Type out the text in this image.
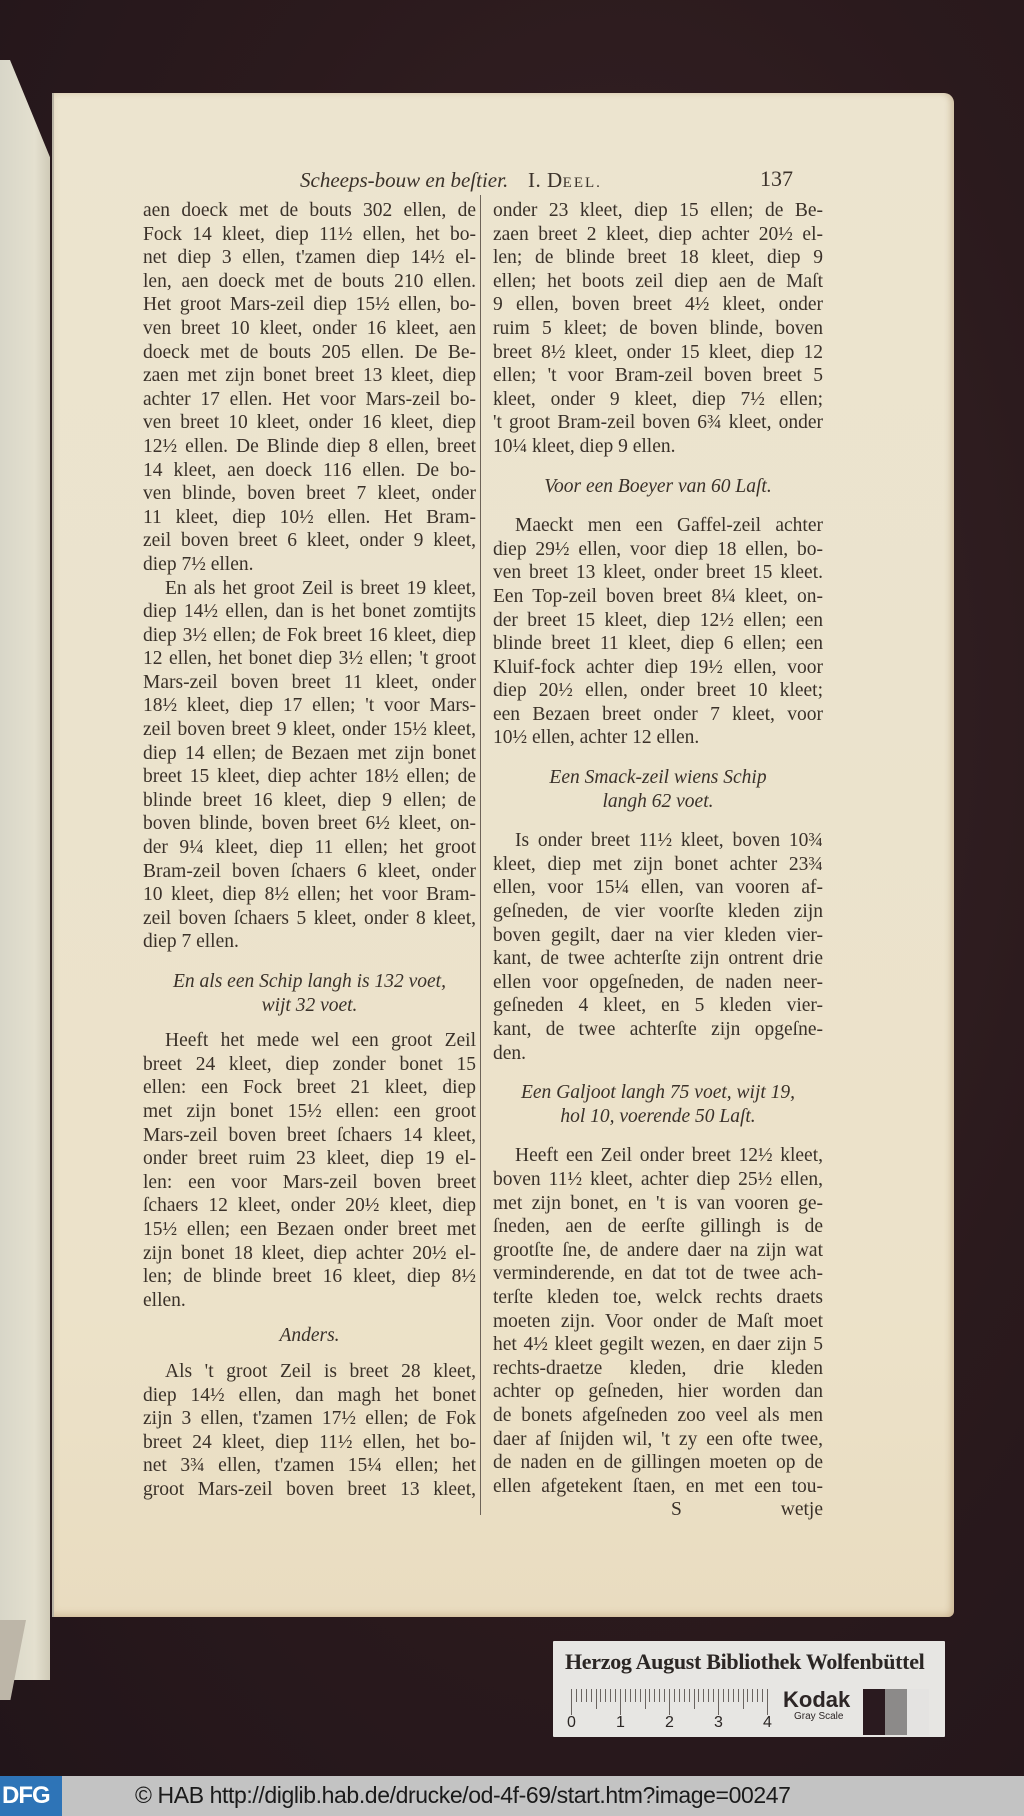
Scheeps-bouw en beſtier. I. DEEL.	137
aen doeck met de bouts 302 ellen, de
Fock 14 kleet, diep 11½ ellen, het bo-
net diep 3 ellen, t'zamen diep 14½ el-
len, aen doeck met de bouts 210 ellen.
Het groot Mars-zeil diep 15½ ellen, bo-
ven breet 10 kleet, onder 16 kleet, aen
doeck met de bouts 205 ellen. De Be-
zaen met zijn bonet breet 13 kleet, diep
achter 17 ellen. Het voor Mars-zeil bo-
ven breet 10 kleet, onder 16 kleet, diep
12½ ellen. De Blinde diep 8 ellen, breet
14 kleet, aen doeck 116 ellen. De bo-
ven blinde, boven breet 7 kleet, onder
11 kleet, diep 10½ ellen. Het Bram-
zeil boven breet 6 kleet, onder 9 kleet,
diep 7½ ellen.
En als het groot Zeil is breet 19 kleet,
diep 14½ ellen, dan is het bonet zomtijts
diep 3½ ellen; de Fok breet 16 kleet, diep
12 ellen, het bonet diep 3½ ellen; 't groot
Mars-zeil boven breet 11 kleet, onder
18½ kleet, diep 17 ellen; 't voor Mars-
zeil boven breet 9 kleet, onder 15½ kleet,
diep 14 ellen; de Bezaen met zijn bonet
breet 15 kleet, diep achter 18½ ellen; de
blinde breet 16 kleet, diep 9 ellen; de
boven blinde, boven breet 6½ kleet, on-
der 9¼ kleet, diep 11 ellen; het groot
Bram-zeil boven ſchaers 6 kleet, onder
10 kleet, diep 8½ ellen; het voor Bram-
zeil boven ſchaers 5 kleet, onder 8 kleet,
diep 7 ellen.
En als een Schip langh is 132 voet,
wijt 32 voet.
Heeft het mede wel een groot Zeil
breet 24 kleet, diep zonder bonet 15
ellen: een Fock breet 21 kleet, diep
met zijn bonet 15½ ellen: een groot
Mars-zeil boven breet ſchaers 14 kleet,
onder breet ruim 23 kleet, diep 19 el-
len: een voor Mars-zeil boven breet
ſchaers 12 kleet, onder 20½ kleet, diep
15½ ellen; een Bezaen onder breet met
zijn bonet 18 kleet, diep achter 20½ el-
len; de blinde breet 16 kleet, diep 8½
ellen.
Anders.
Als 't groot Zeil is breet 28 kleet,
diep 14½ ellen, dan magh het bonet
zijn 3 ellen, t'zamen 17½ ellen; de Fok
breet 24 kleet, diep 11½ ellen, het bo-
net 3¾ ellen, t'zamen 15¼ ellen; het
groot Mars-zeil boven breet 13 kleet,
onder 23 kleet, diep 15 ellen; de Be-
zaen breet 2 kleet, diep achter 20½ el-
len; de blinde breet 18 kleet, diep 9
ellen; het boots zeil diep aen de Maſt
9 ellen, boven breet 4½ kleet, onder
ruim 5 kleet; de boven blinde, boven
breet 8½ kleet, onder 15 kleet, diep 12
ellen; 't voor Bram-zeil boven breet 5
kleet, onder 9 kleet, diep 7½ ellen;
't groot Bram-zeil boven 6¾ kleet, onder
10¼ kleet, diep 9 ellen.
Voor een Boeyer van 60 Laſt.
Maeckt men een Gaffel-zeil achter
diep 29½ ellen, voor diep 18 ellen, bo-
ven breet 13 kleet, onder breet 15 kleet.
Een Top-zeil boven breet 8¼ kleet, on-
der breet 15 kleet, diep 12½ ellen; een
blinde breet 11 kleet, diep 6 ellen; een
Kluif-fock achter diep 19½ ellen, voor
diep 20½ ellen, onder breet 10 kleet;
een Bezaen breet onder 7 kleet, voor
10½ ellen, achter 12 ellen.
Een Smack-zeil wiens Schip
langh 62 voet.
Is onder breet 11½ kleet, boven 10¾
kleet, diep met zijn bonet achter 23¾
ellen, voor 15¼ ellen, van vooren af-
geſneden, de vier voorſte kleden zijn
boven gegilt, daer na vier kleden vier-
kant, de twee achterſte zijn ontrent drie
ellen voor opgeſneden, de naden neer-
geſneden 4 kleet, en 5 kleden vier-
kant, de twee achterſte zijn opgeſne-
den.
Een Galjoot langh 75 voet, wijt 19,
hol 10, voerende 50 Laſt.
Heeft een Zeil onder breet 12½ kleet,
boven 11½ kleet, achter diep 25½ ellen,
met zijn bonet, en 't is van vooren ge-
ſneden, aen de eerſte gillingh is de
grootſte ſne, de andere daer na zijn wat
verminderende, en dat tot de twee ach-
terſte kleden toe, welck rechts draets
moeten zijn. Voor onder de Maſt moet
het 4½ kleet gegilt wezen, en daer zijn 5
rechts-draetze kleden, drie kleden
achter op geſneden, hier worden dan
de bonets afgeſneden zoo veel als men
daer af ſnijden wil, 't zy een ofte twee,
de naden en de gillingen moeten op de
ellen afgetekent ſtaen, en met een tou-
S	wetje
Herzog August Bibliothek Wolfenbüttel
0	1	2	3	4
Kodak
Gray Scale
DFG	© HAB http://diglib.hab.de/drucke/od-4f-69/start.htm?image=00247
